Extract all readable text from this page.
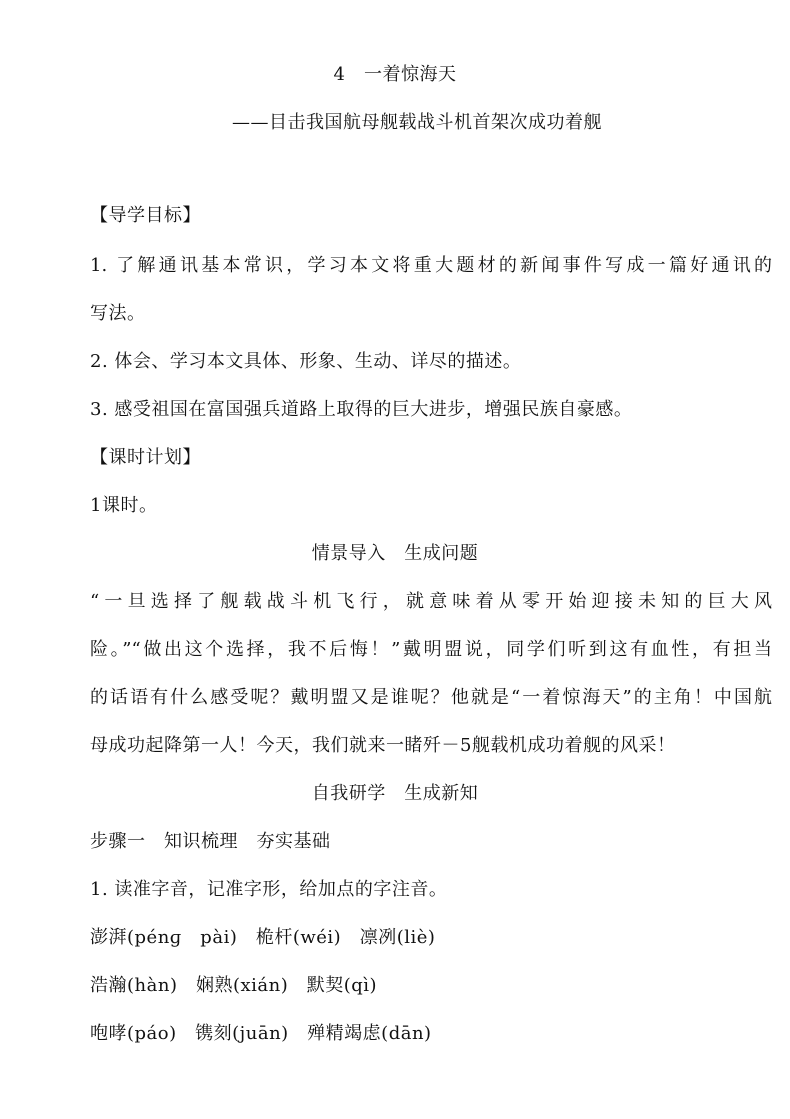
4　一着惊海天
——目击我国航母舰载战斗机首架次成功着舰
【导学目标】
1. 了解通讯基本常识，学习本文将重大题材的新闻事件写成一篇好通讯的
写法。
2. 体会、学习本文具体、形象、生动、详尽的描述。
3. 感受祖国在富国强兵道路上取得的巨大进步，增强民族自豪感。
【课时计划】
1课时。
情景导入　生成问题
“一旦选择了舰载战斗机飞行，就意味着从零开始迎接未知的巨大风
险。”“做出这个选择，我不后悔！”戴明盟说，同学们听到这有血性，有担当
的话语有什么感受呢？戴明盟又是谁呢？他就是“一着惊海天”的主角！中国航
母成功起降第一人！今天，我们就来一睹歼－5舰载机成功着舰的风采！
自我研学　生成新知
步骤一　知识梳理　夯实基础
1. 读准字音，记准字形，给加点的字注音。
澎湃(pénɡ　pài)　桅杆(wéi)　凛冽(liè)
浩瀚(hàn)　娴熟(xián)　默契(qì)
咆哮(páo)　镌刻(juān)　殚精竭虑(dān)
